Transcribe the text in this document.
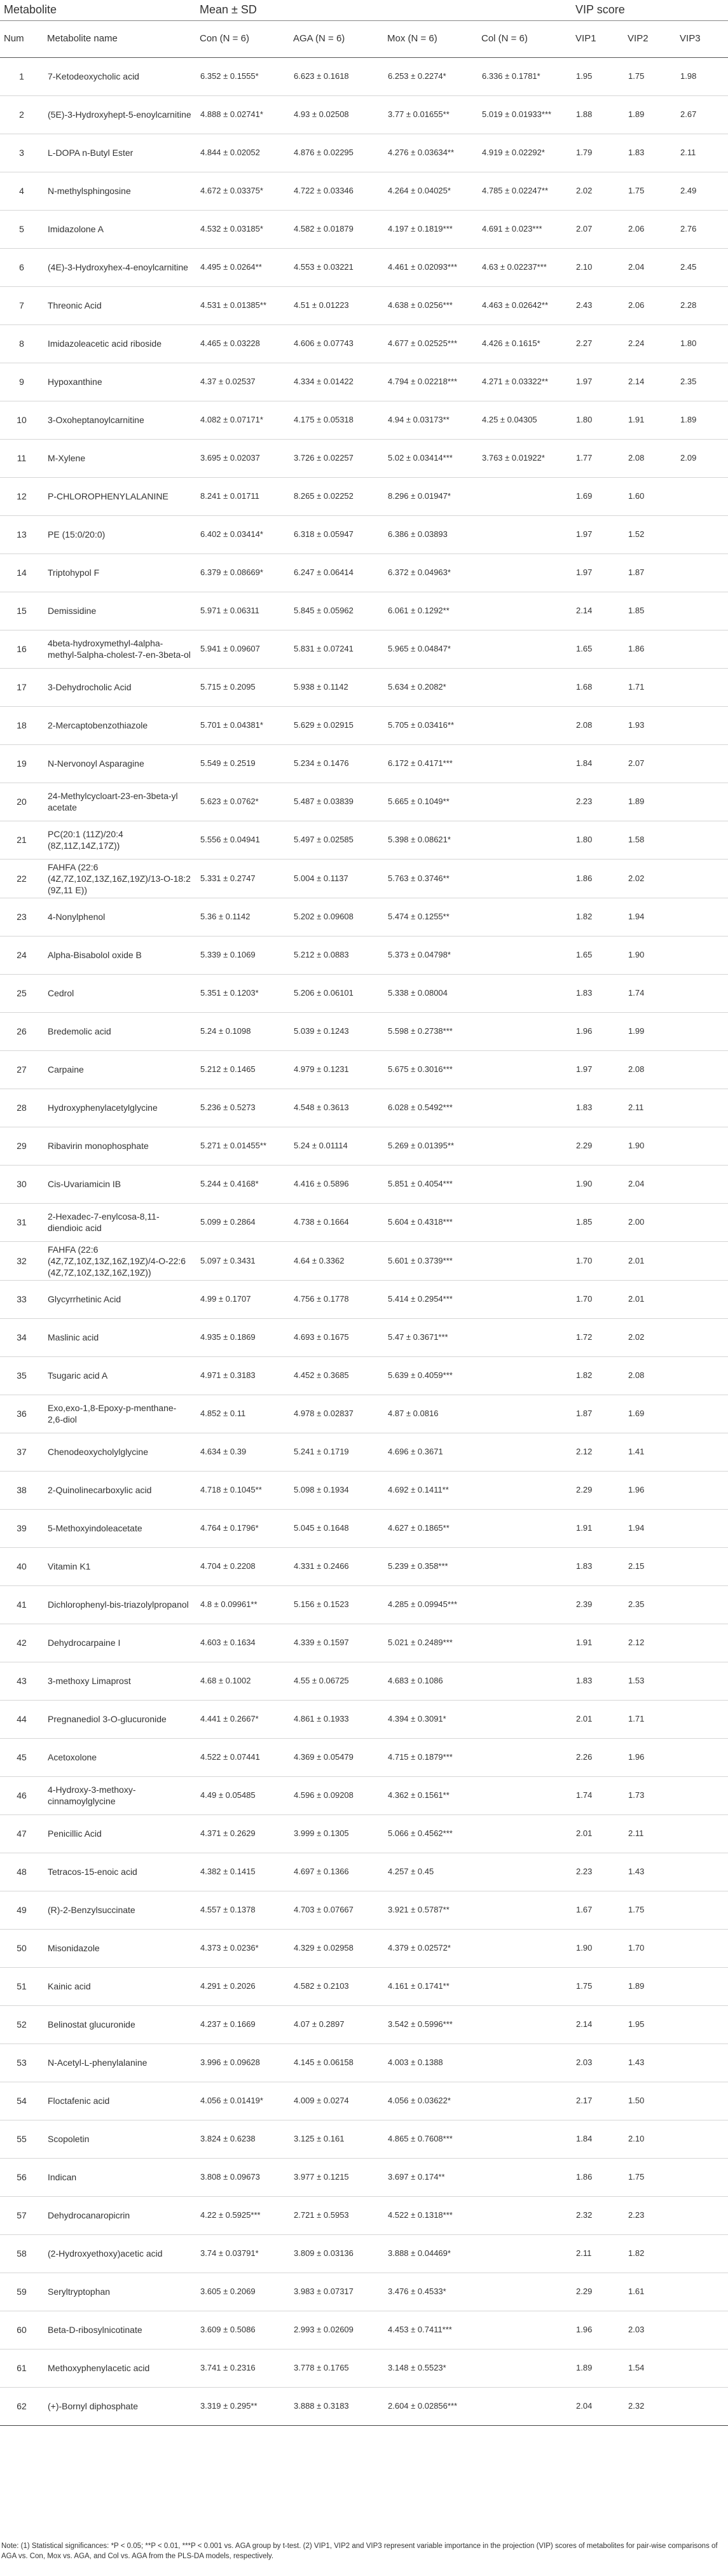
Metabolite		Mean ± SD				VIP score		
Num	Metabolite name	Con (N = 6)	AGA (N = 6)	Mox (N = 6)	Col (N = 6)	VIP1	VIP2	VIP3
1	7-Ketodeoxycholic acid	6.352 ± 0.1555*	6.623 ± 0.1618	6.253 ± 0.2274*	6.336 ± 0.1781*	1.95	1.75	1.98
2	(5E)-3-Hydroxyhept-5-enoylcarnitine	4.888 ± 0.02741*	4.93 ± 0.02508	3.77 ± 0.01655**	5.019 ± 0.01933***	1.88	1.89	2.67
3	L-DOPA n-Butyl Ester	4.844 ± 0.02052	4.876 ± 0.02295	4.276 ± 0.03634**	4.919 ± 0.02292*	1.79	1.83	2.11
4	N-methylsphingosine	4.672 ± 0.03375*	4.722 ± 0.03346	4.264 ± 0.04025*	4.785 ± 0.02247**	2.02	1.75	2.49
5	Imidazolone A	4.532 ± 0.03185*	4.582 ± 0.01879	4.197 ± 0.1819***	4.691 ± 0.023***	2.07	2.06	2.76
6	(4E)-3-Hydroxyhex-4-enoylcarnitine	4.495 ± 0.0264**	4.553 ± 0.03221	4.461 ± 0.02093***	4.63 ± 0.02237***	2.10	2.04	2.45
7	Threonic Acid	4.531 ± 0.01385**	4.51 ± 0.01223	4.638 ± 0.0256***	4.463 ± 0.02642**	2.43	2.06	2.28
8	Imidazoleacetic acid riboside	4.465 ± 0.03228	4.606 ± 0.07743	4.677 ± 0.02525***	4.426 ± 0.1615*	2.27	2.24	1.80
9	Hypoxanthine	4.37 ± 0.02537	4.334 ± 0.01422	4.794 ± 0.02218***	4.271 ± 0.03322**	1.97	2.14	2.35
10	3-Oxoheptanoylcarnitine	4.082 ± 0.07171*	4.175 ± 0.05318	4.94 ± 0.03173**	4.25 ± 0.04305	1.80	1.91	1.89
11	M-Xylene	3.695 ± 0.02037	3.726 ± 0.02257	5.02 ± 0.03414***	3.763 ± 0.01922*	1.77	2.08	2.09
12	P-CHLOROPHENYLALANINE	8.241 ± 0.01711	8.265 ± 0.02252	8.296 ± 0.01947*		1.69	1.60	
13	PE (15:0/20:0)	6.402 ± 0.03414*	6.318 ± 0.05947	6.386 ± 0.03893		1.97	1.52	
14	Triptohypol F	6.379 ± 0.08669*	6.247 ± 0.06414	6.372 ± 0.04963*		1.97	1.87	
15	Demissidine	5.971 ± 0.06311	5.845 ± 0.05962	6.061 ± 0.1292**		2.14	1.85	
16	4beta-hydroxymethyl-4alpha-methyl-5alpha-cholest-7-en-3beta-ol	5.941 ± 0.09607	5.831 ± 0.07241	5.965 ± 0.04847*		1.65	1.86	
17	3-Dehydrocholic Acid	5.715 ± 0.2095	5.938 ± 0.1142	5.634 ± 0.2082*		1.68	1.71	
18	2-Mercaptobenzothiazole	5.701 ± 0.04381*	5.629 ± 0.02915	5.705 ± 0.03416**		2.08	1.93	
19	N-Nervonoyl Asparagine	5.549 ± 0.2519	5.234 ± 0.1476	6.172 ± 0.4171***		1.84	2.07	
20	24-Methylcycloart-23-en-3beta-yl acetate	5.623 ± 0.0762*	5.487 ± 0.03839	5.665 ± 0.1049**		2.23	1.89	
21	PC(20:1 (11Z)/20:4 (8Z,11Z,14Z,17Z))	5.556 ± 0.04941	5.497 ± 0.02585	5.398 ± 0.08621*		1.80	1.58	
22	FAHFA (22:6 (4Z,7Z,10Z,13Z,16Z,19Z)/13-O-18:2 (9Z,11 E))	5.331 ± 0.2747	5.004 ± 0.1137	5.763 ± 0.3746**		1.86	2.02	
23	4-Nonylphenol	5.36 ± 0.1142	5.202 ± 0.09608	5.474 ± 0.1255**		1.82	1.94	
24	Alpha-Bisabolol oxide B	5.339 ± 0.1069	5.212 ± 0.0883	5.373 ± 0.04798*		1.65	1.90	
25	Cedrol	5.351 ± 0.1203*	5.206 ± 0.06101	5.338 ± 0.08004		1.83	1.74	
26	Bredemolic acid	5.24 ± 0.1098	5.039 ± 0.1243	5.598 ± 0.2738***		1.96	1.99	
27	Carpaine	5.212 ± 0.1465	4.979 ± 0.1231	5.675 ± 0.3016***		1.97	2.08	
28	Hydroxyphenylacetylglycine	5.236 ± 0.5273	4.548 ± 0.3613	6.028 ± 0.5492***		1.83	2.11	
29	Ribavirin monophosphate	5.271 ± 0.01455**	5.24 ± 0.01114	5.269 ± 0.01395**		2.29	1.90	
30	Cis-Uvariamicin IB	5.244 ± 0.4168*	4.416 ± 0.5896	5.851 ± 0.4054***		1.90	2.04	
31	2-Hexadec-7-enylcosa-8,11-diendioic acid	5.099 ± 0.2864	4.738 ± 0.1664	5.604 ± 0.4318***		1.85	2.00	
32	FAHFA (22:6 (4Z,7Z,10Z,13Z,16Z,19Z)/4-O-22:6 (4Z,7Z,10Z,13Z,16Z,19Z))	5.097 ± 0.3431	4.64 ± 0.3362	5.601 ± 0.3739***		1.70	2.01	
33	Glycyrrhetinic Acid	4.99 ± 0.1707	4.756 ± 0.1778	5.414 ± 0.2954***		1.70	2.01	
34	Maslinic acid	4.935 ± 0.1869	4.693 ± 0.1675	5.47 ± 0.3671***		1.72	2.02	
35	Tsugaric acid A	4.971 ± 0.3183	4.452 ± 0.3685	5.639 ± 0.4059***		1.82	2.08	
36	Exo,exo-1,8-Epoxy-p-menthane-2,6-diol	4.852 ± 0.11	4.978 ± 0.02837	4.87 ± 0.0816		1.87	1.69	
37	Chenodeoxycholylglycine	4.634 ± 0.39	5.241 ± 0.1719	4.696 ± 0.3671		2.12	1.41	
38	2-Quinolinecarboxylic acid	4.718 ± 0.1045**	5.098 ± 0.1934	4.692 ± 0.1411**		2.29	1.96	
39	5-Methoxyindoleacetate	4.764 ± 0.1796*	5.045 ± 0.1648	4.627 ± 0.1865**		1.91	1.94	
40	Vitamin K1	4.704 ± 0.2208	4.331 ± 0.2466	5.239 ± 0.358***		1.83	2.15	
41	Dichlorophenyl-bis-triazolylpropanol	4.8 ± 0.09961**	5.156 ± 0.1523	4.285 ± 0.09945***		2.39	2.35	
42	Dehydrocarpaine I	4.603 ± 0.1634	4.339 ± 0.1597	5.021 ± 0.2489***		1.91	2.12	
43	3-methoxy Limaprost	4.68 ± 0.1002	4.55 ± 0.06725	4.683 ± 0.1086		1.83	1.53	
44	Pregnanediol 3-O-glucuronide	4.441 ± 0.2667*	4.861 ± 0.1933	4.394 ± 0.3091*		2.01	1.71	
45	Acetoxolone	4.522 ± 0.07441	4.369 ± 0.05479	4.715 ± 0.1879***		2.26	1.96	
46	4-Hydroxy-3-methoxy-cinnamoylglycine	4.49 ± 0.05485	4.596 ± 0.09208	4.362 ± 0.1561**		1.74	1.73	
47	Penicillic Acid	4.371 ± 0.2629	3.999 ± 0.1305	5.066 ± 0.4562***		2.01	2.11	
48	Tetracos-15-enoic acid	4.382 ± 0.1415	4.697 ± 0.1366	4.257 ± 0.45		2.23	1.43	
49	(R)-2-Benzylsuccinate	4.557 ± 0.1378	4.703 ± 0.07667	3.921 ± 0.5787**		1.67	1.75	
50	Misonidazole	4.373 ± 0.0236*	4.329 ± 0.02958	4.379 ± 0.02572*		1.90	1.70	
51	Kainic acid	4.291 ± 0.2026	4.582 ± 0.2103	4.161 ± 0.1741**		1.75	1.89	
52	Belinostat glucuronide	4.237 ± 0.1669	4.07 ± 0.2897	3.542 ± 0.5996***		2.14	1.95	
53	N-Acetyl-L-phenylalanine	3.996 ± 0.09628	4.145 ± 0.06158	4.003 ± 0.1388		2.03	1.43	
54	Floctafenic acid	4.056 ± 0.01419*	4.009 ± 0.0274	4.056 ± 0.03622*		2.17	1.50	
55	Scopoletin	3.824 ± 0.6238	3.125 ± 0.161	4.865 ± 0.7608***		1.84	2.10	
56	Indican	3.808 ± 0.09673	3.977 ± 0.1215	3.697 ± 0.174**		1.86	1.75	
57	Dehydrocanaropicrin	4.22 ± 0.5925***	2.721 ± 0.5953	4.522 ± 0.1318***		2.32	2.23	
58	(2-Hydroxyethoxy)acetic acid	3.74 ± 0.03791*	3.809 ± 0.03136	3.888 ± 0.04469*		2.11	1.82	
59	Seryltryptophan	3.605 ± 0.2069	3.983 ± 0.07317	3.476 ± 0.4533*		2.29	1.61	
60	Beta-D-ribosylnicotinate	3.609 ± 0.5086	2.993 ± 0.02609	4.453 ± 0.7411***		1.96	2.03	
61	Methoxyphenylacetic acid	3.741 ± 0.2316	3.778 ± 0.1765	3.148 ± 0.5523*		1.89	1.54	
62	(+)-Bornyl diphosphate	3.319 ± 0.295**	3.888 ± 0.3183	2.604 ± 0.02856***		2.04	2.32	
Note: (1) Statistical significances: *P < 0.05; **P < 0.01, ***P < 0.001 vs. AGA group by t-test. (2) VIP1, VIP2 and VIP3 represent variable importance in the projection (VIP) scores of metabolites for pair-wise comparisons of AGA vs. Con, Mox vs. AGA, and Col vs. AGA from the PLS-DA models, respectively.
